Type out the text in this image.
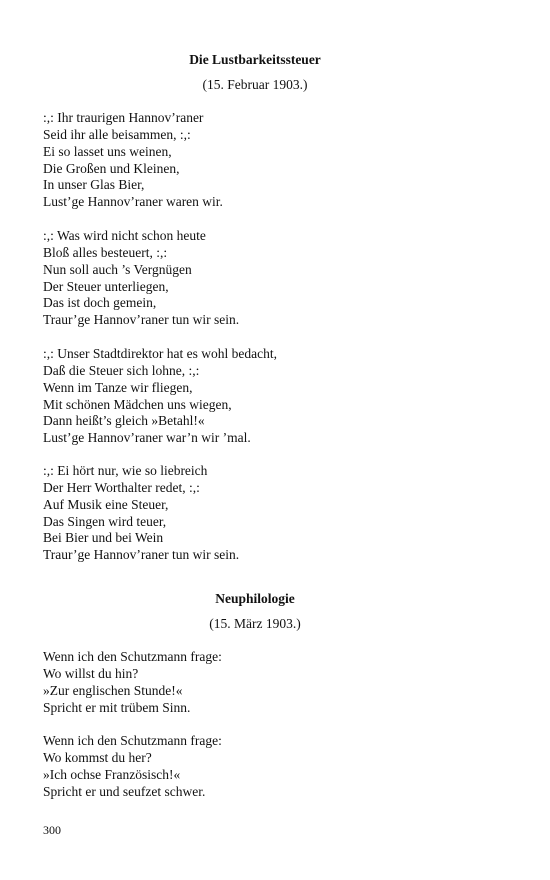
Die Lustbarkeitssteuer
(15. Februar 1903.)
:,: Ihr traurigen Hannov’raner
Seid ihr alle beisammen, :,:
Ei so lasset uns weinen,
Die Großen und Kleinen,
In unser Glas Bier,
Lust’ge Hannov’raner waren wir.
:,: Was wird nicht schon heute
Bloß alles besteuert, :,:
Nun soll auch ’s Vergnügen
Der Steuer unterliegen,
Das ist doch gemein,
Traur’ge Hannov’raner tun wir sein.
:,: Unser Stadtdirektor hat es wohl bedacht,
Daß die Steuer sich lohne, :,:
Wenn im Tanze wir fliegen,
Mit schönen Mädchen uns wiegen,
Dann heißt’s gleich »Betahl!«
Lust’ge Hannov’raner war’n wir ’mal.
:,: Ei hört nur, wie so liebreich
Der Herr Worthalter redet, :,:
Auf Musik eine Steuer,
Das Singen wird teuer,
Bei Bier und bei Wein
Traur’ge Hannov’raner tun wir sein.
Neuphilologie
(15. März 1903.)
Wenn ich den Schutzmann frage:
Wo willst du hin?
»Zur englischen Stunde!«
Spricht er mit trübem Sinn.
Wenn ich den Schutzmann frage:
Wo kommst du her?
»Ich ochse Französisch!«
Spricht er und seufzet schwer.
300
